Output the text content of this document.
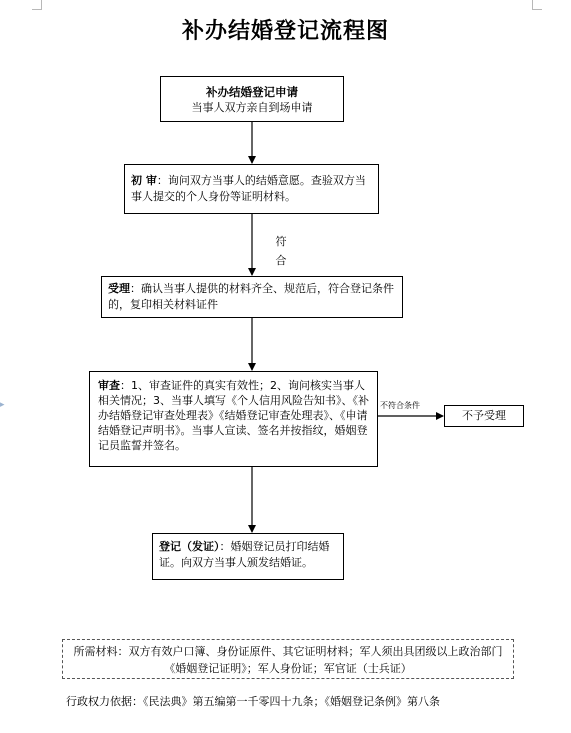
▸
补办结婚登记流程图
补办结婚登记申请
当事人双方亲自到场申请
初 审：询问双方当事人的结婚意愿。查验双方当事人提交的个人身份等证明材料。
符合
受理：确认当事人提供的材料齐全、规范后，符合登记条件的，复印相关材料证件
审查：1、审查证件的真实有效性；2、询问核实当事人相关情况；3、当事人填写《个人信用风险告知书》、《补办结婚登记审查处理表》《结婚登记审查处理表》、《申请结婚登记声明书》。当事人宣读、签名并按指纹，婚姻登记员监誓并签名。
不符合条件
不予受理
登记（发证）：婚姻登记员打印结婚证。向双方当事人颁发结婚证。
所需材料：双方有效户口簿、身份证原件、其它证明材料；军人须出具团级以上政治部门《婚姻登记证明》；军人身份证；军官证（士兵证）
行政权力依据：《民法典》第五编第一千零四十九条；《婚姻登记条例》第八条
